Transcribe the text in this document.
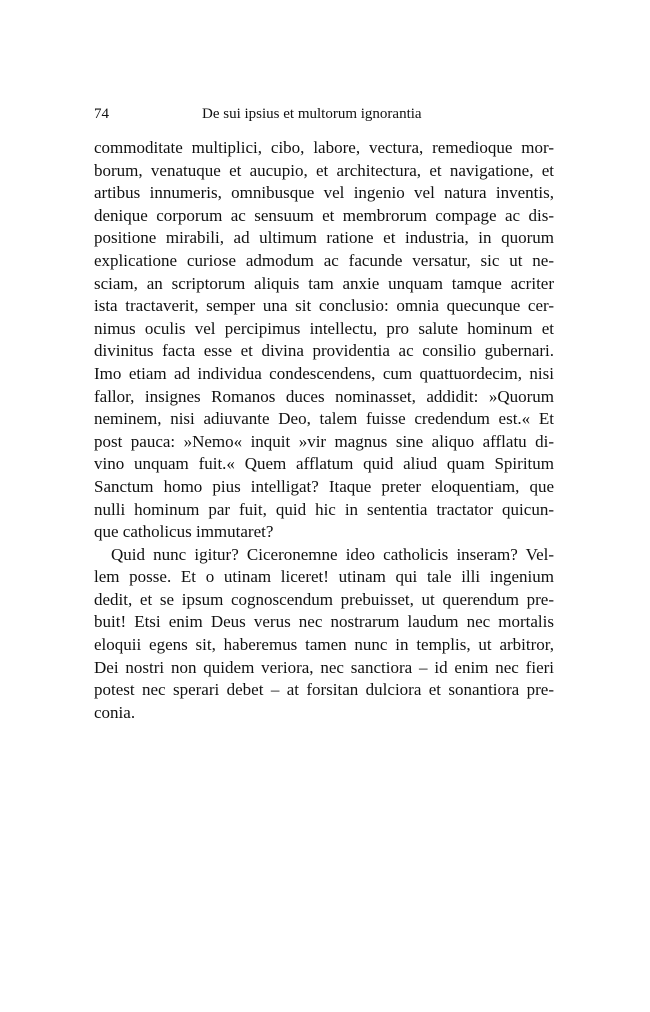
74	De sui ipsius et multorum ignorantia
commoditate multiplici, cibo, labore, vectura, remedioque mor-
borum, venatuque et aucupio, et architectura, et navigatione, et
artibus innumeris, omnibusque vel ingenio vel natura inventis,
denique corporum ac sensuum et membrorum compage ac dis-
positione mirabili, ad ultimum ratione et industria, in quorum
explicatione curiose admodum ac facunde versatur, sic ut ne-
sciam, an scriptorum aliquis tam anxie unquam tamque acriter
ista tractaverit, semper una sit conclusio: omnia quecunque cer-
nimus oculis vel percipimus intellectu, pro salute hominum et
divinitus facta esse et divina providentia ac consilio gubernari.
Imo etiam ad individua condescendens, cum quattuordecim, nisi
fallor, insignes Romanos duces nominasset, addidit: »Quorum
neminem, nisi adiuvante Deo, talem fuisse credendum est.« Et
post pauca: »Nemo« inquit »vir magnus sine aliquo afflatu di-
vino unquam fuit.« Quem afflatum quid aliud quam Spiritum
Sanctum homo pius intelligat? Itaque preter eloquentiam, que
nulli hominum par fuit, quid hic in sententia tractator quicun-
que catholicus immutaret?
Quid nunc igitur? Ciceronemne ideo catholicis inseram? Vel-
lem posse. Et o utinam liceret! utinam qui tale illi ingenium
dedit, et se ipsum cognoscendum prebuisset, ut querendum pre-
buit! Etsi enim Deus verus nec nostrarum laudum nec mortalis
eloquii egens sit, haberemus tamen nunc in templis, ut arbitror,
Dei nostri non quidem veriora, nec sanctiora – id enim nec fieri
potest nec sperari debet – at forsitan dulciora et sonantiora pre-
conia.
